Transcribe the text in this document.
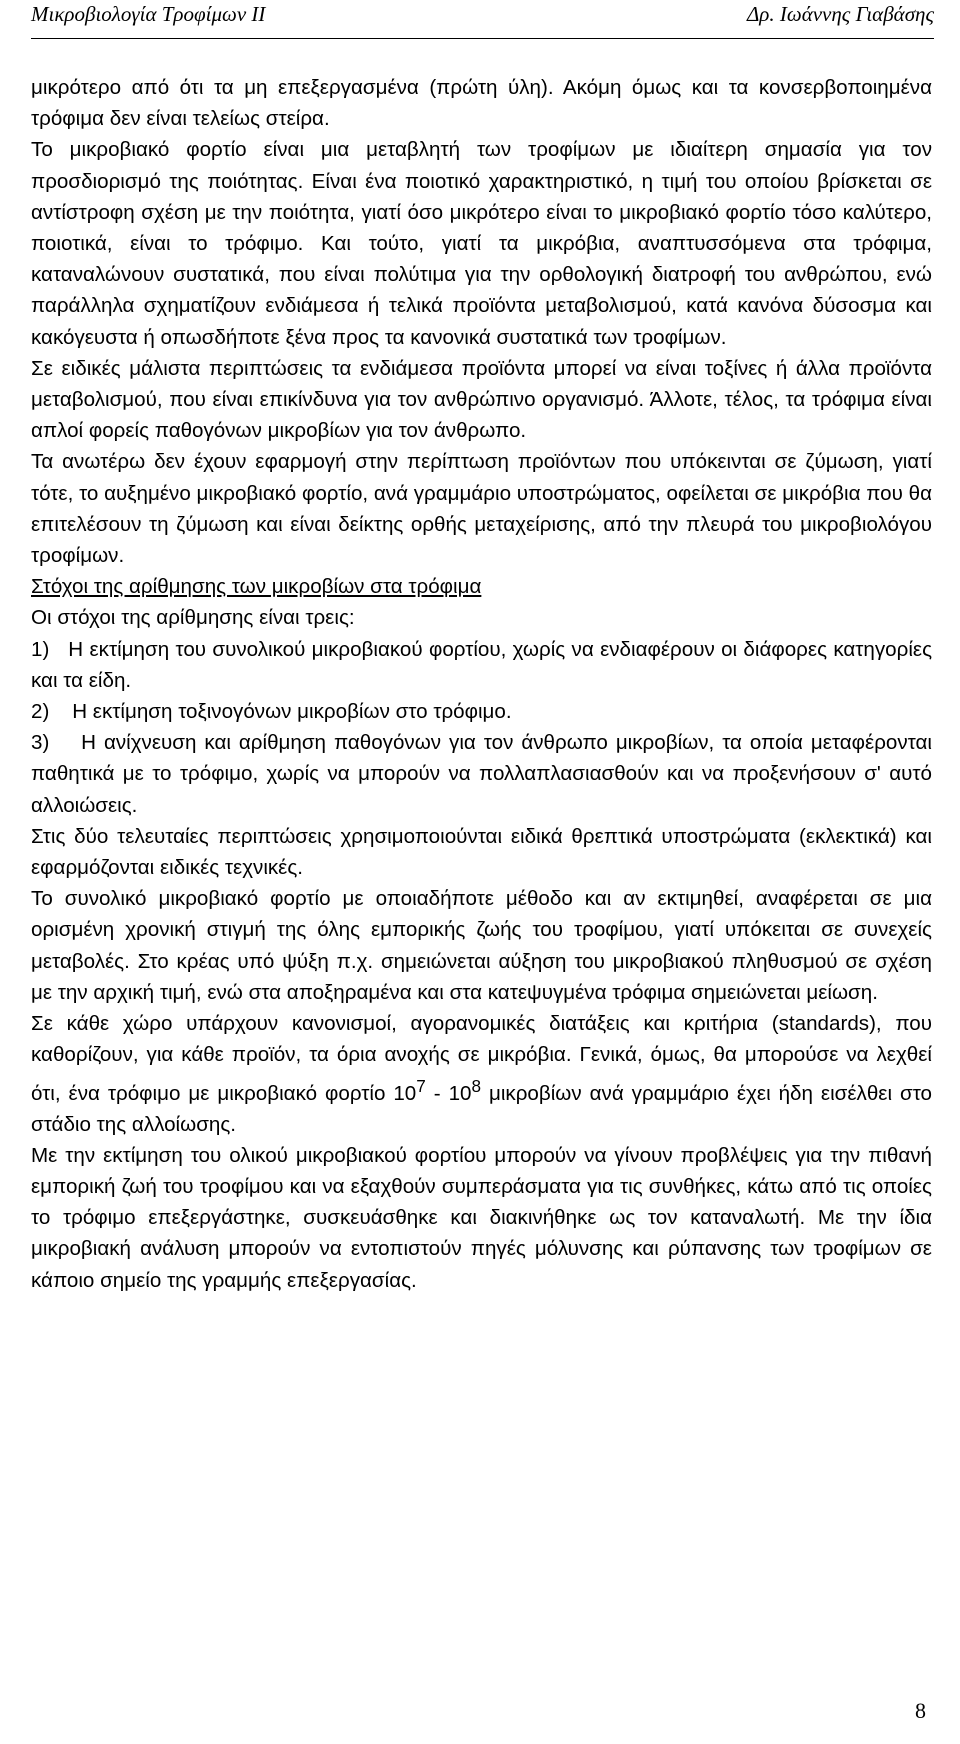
Μικροβιολογία Τροφίμων ΙΙ	Δρ. Ιωάννης Γιαβάσης

μικρότερο από ότι τα μη επεξεργασμένα (πρώτη ύλη). Ακόμη όμως και τα κονσερβοποιημένα τρόφιμα δεν είναι τελείως στείρα.

Το μικροβιακό φορτίο είναι μια μεταβλητή των τροφίμων με ιδιαίτερη σημασία για τον προσδιορισμό της ποιότητας. Είναι ένα ποιοτικό χαρακτηριστικό, η τιμή του οποίου βρίσκεται σε αντίστροφη σχέση με την ποιότητα, γιατί όσο μικρότερο είναι το μικροβιακό φορτίο τόσο καλύτερο, ποιοτικά, είναι το τρόφιμο. Και τούτο, γιατί τα μικρόβια, αναπτυσσόμενα στα τρόφιμα, καταναλώνουν συστατικά, που είναι πολύτιμα για την ορθολογική διατροφή του ανθρώπου, ενώ παράλληλα σχηματίζουν ενδιάμεσα ή τελικά προϊόντα μεταβολισμού, κατά κανόνα δύσοσμα και κακόγευστα ή οπωσδήποτε ξένα προς τα κανονικά συστατικά των τροφίμων.

Σε ειδικές μάλιστα περιπτώσεις τα ενδιάμεσα προϊόντα μπορεί να είναι τοξίνες ή άλλα προϊόντα μεταβολισμού, που είναι επικίνδυνα για τον ανθρώπινο οργανισμό. Άλλοτε, τέλος, τα τρόφιμα είναι απλοί φορείς παθογόνων μικροβίων για τον άνθρωπο.

Τα ανωτέρω δεν έχουν εφαρμογή στην περίπτωση προϊόντων που υπόκεινται σε ζύμωση, γιατί τότε, το αυξημένο μικροβιακό φορτίο, ανά γραμμάριο υποστρώματος, οφείλεται σε μικρόβια που θα επιτελέσουν τη ζύμωση και είναι δείκτης ορθής μεταχείρισης, από την πλευρά του μικροβιολόγου τροφίμων.

Στόχοι της αρίθμησης των μικροβίων στα τρόφιμα

Οι στόχοι της αρίθμησης είναι τρεις:

1) Η εκτίμηση του συνολικού μικροβιακού φορτίου, χωρίς να ενδιαφέρουν οι διάφορες κατηγορίες και τα είδη.

2) Η εκτίμηση τοξινογόνων μικροβίων στο τρόφιμο.

3) Η ανίχνευση και αρίθμηση παθογόνων για τον άνθρωπο μικροβίων, τα οποία μεταφέρονται παθητικά με το τρόφιμο, χωρίς να μπορούν να πολλαπλασιασθούν και να προξενήσουν σ' αυτό αλλοιώσεις.

Στις δύο τελευταίες περιπτώσεις χρησιμοποιούνται ειδικά θρεπτικά υποστρώματα (εκλεκτικά) και εφαρμόζονται ειδικές τεχνικές.

Το συνολικό μικροβιακό φορτίο με οποιαδήποτε μέθοδο και αν εκτιμηθεί, αναφέρεται σε μια ορισμένη χρονική στιγμή της όλης εμπορικής ζωής του τροφίμου, γιατί υπόκειται σε συνεχείς μεταβολές. Στο κρέας υπό ψύξη π.χ. σημειώνεται αύξηση του μικροβιακού πληθυσμού σε σχέση με την αρχική τιμή, ενώ στα αποξηραμένα και στα κατεψυγμένα τρόφιμα σημειώνεται μείωση.

Σε κάθε χώρο υπάρχουν κανονισμοί, αγορανομικές διατάξεις και κριτήρια (standards), που καθορίζουν, για κάθε προϊόν, τα όρια ανοχής σε μικρόβια. Γενικά, όμως, θα μπορούσε να λεχθεί ότι, ένα τρόφιμο με μικροβιακό φορτίο $10^7 - 10^8$ μικροβίων ανά γραμμάριο έχει ήδη εισέλθει στο στάδιο της αλλοίωσης.

Με την εκτίμηση του ολικού μικροβιακού φορτίου μπορούν να γίνουν προβλέψεις για την πιθανή εμπορική ζωή του τροφίμου και να εξαχθούν συμπεράσματα για τις συνθήκες, κάτω από τις οποίες το τρόφιμο επεξεργάστηκε, συσκευάσθηκε και διακινήθηκε ως τον καταναλωτή. Με την ίδια μικροβιακή ανάλυση μπορούν να εντοπιστούν πηγές μόλυνσης και ρύπανσης των τροφίμων σε κάποιο σημείο της γραμμής επεξεργασίας.

8
